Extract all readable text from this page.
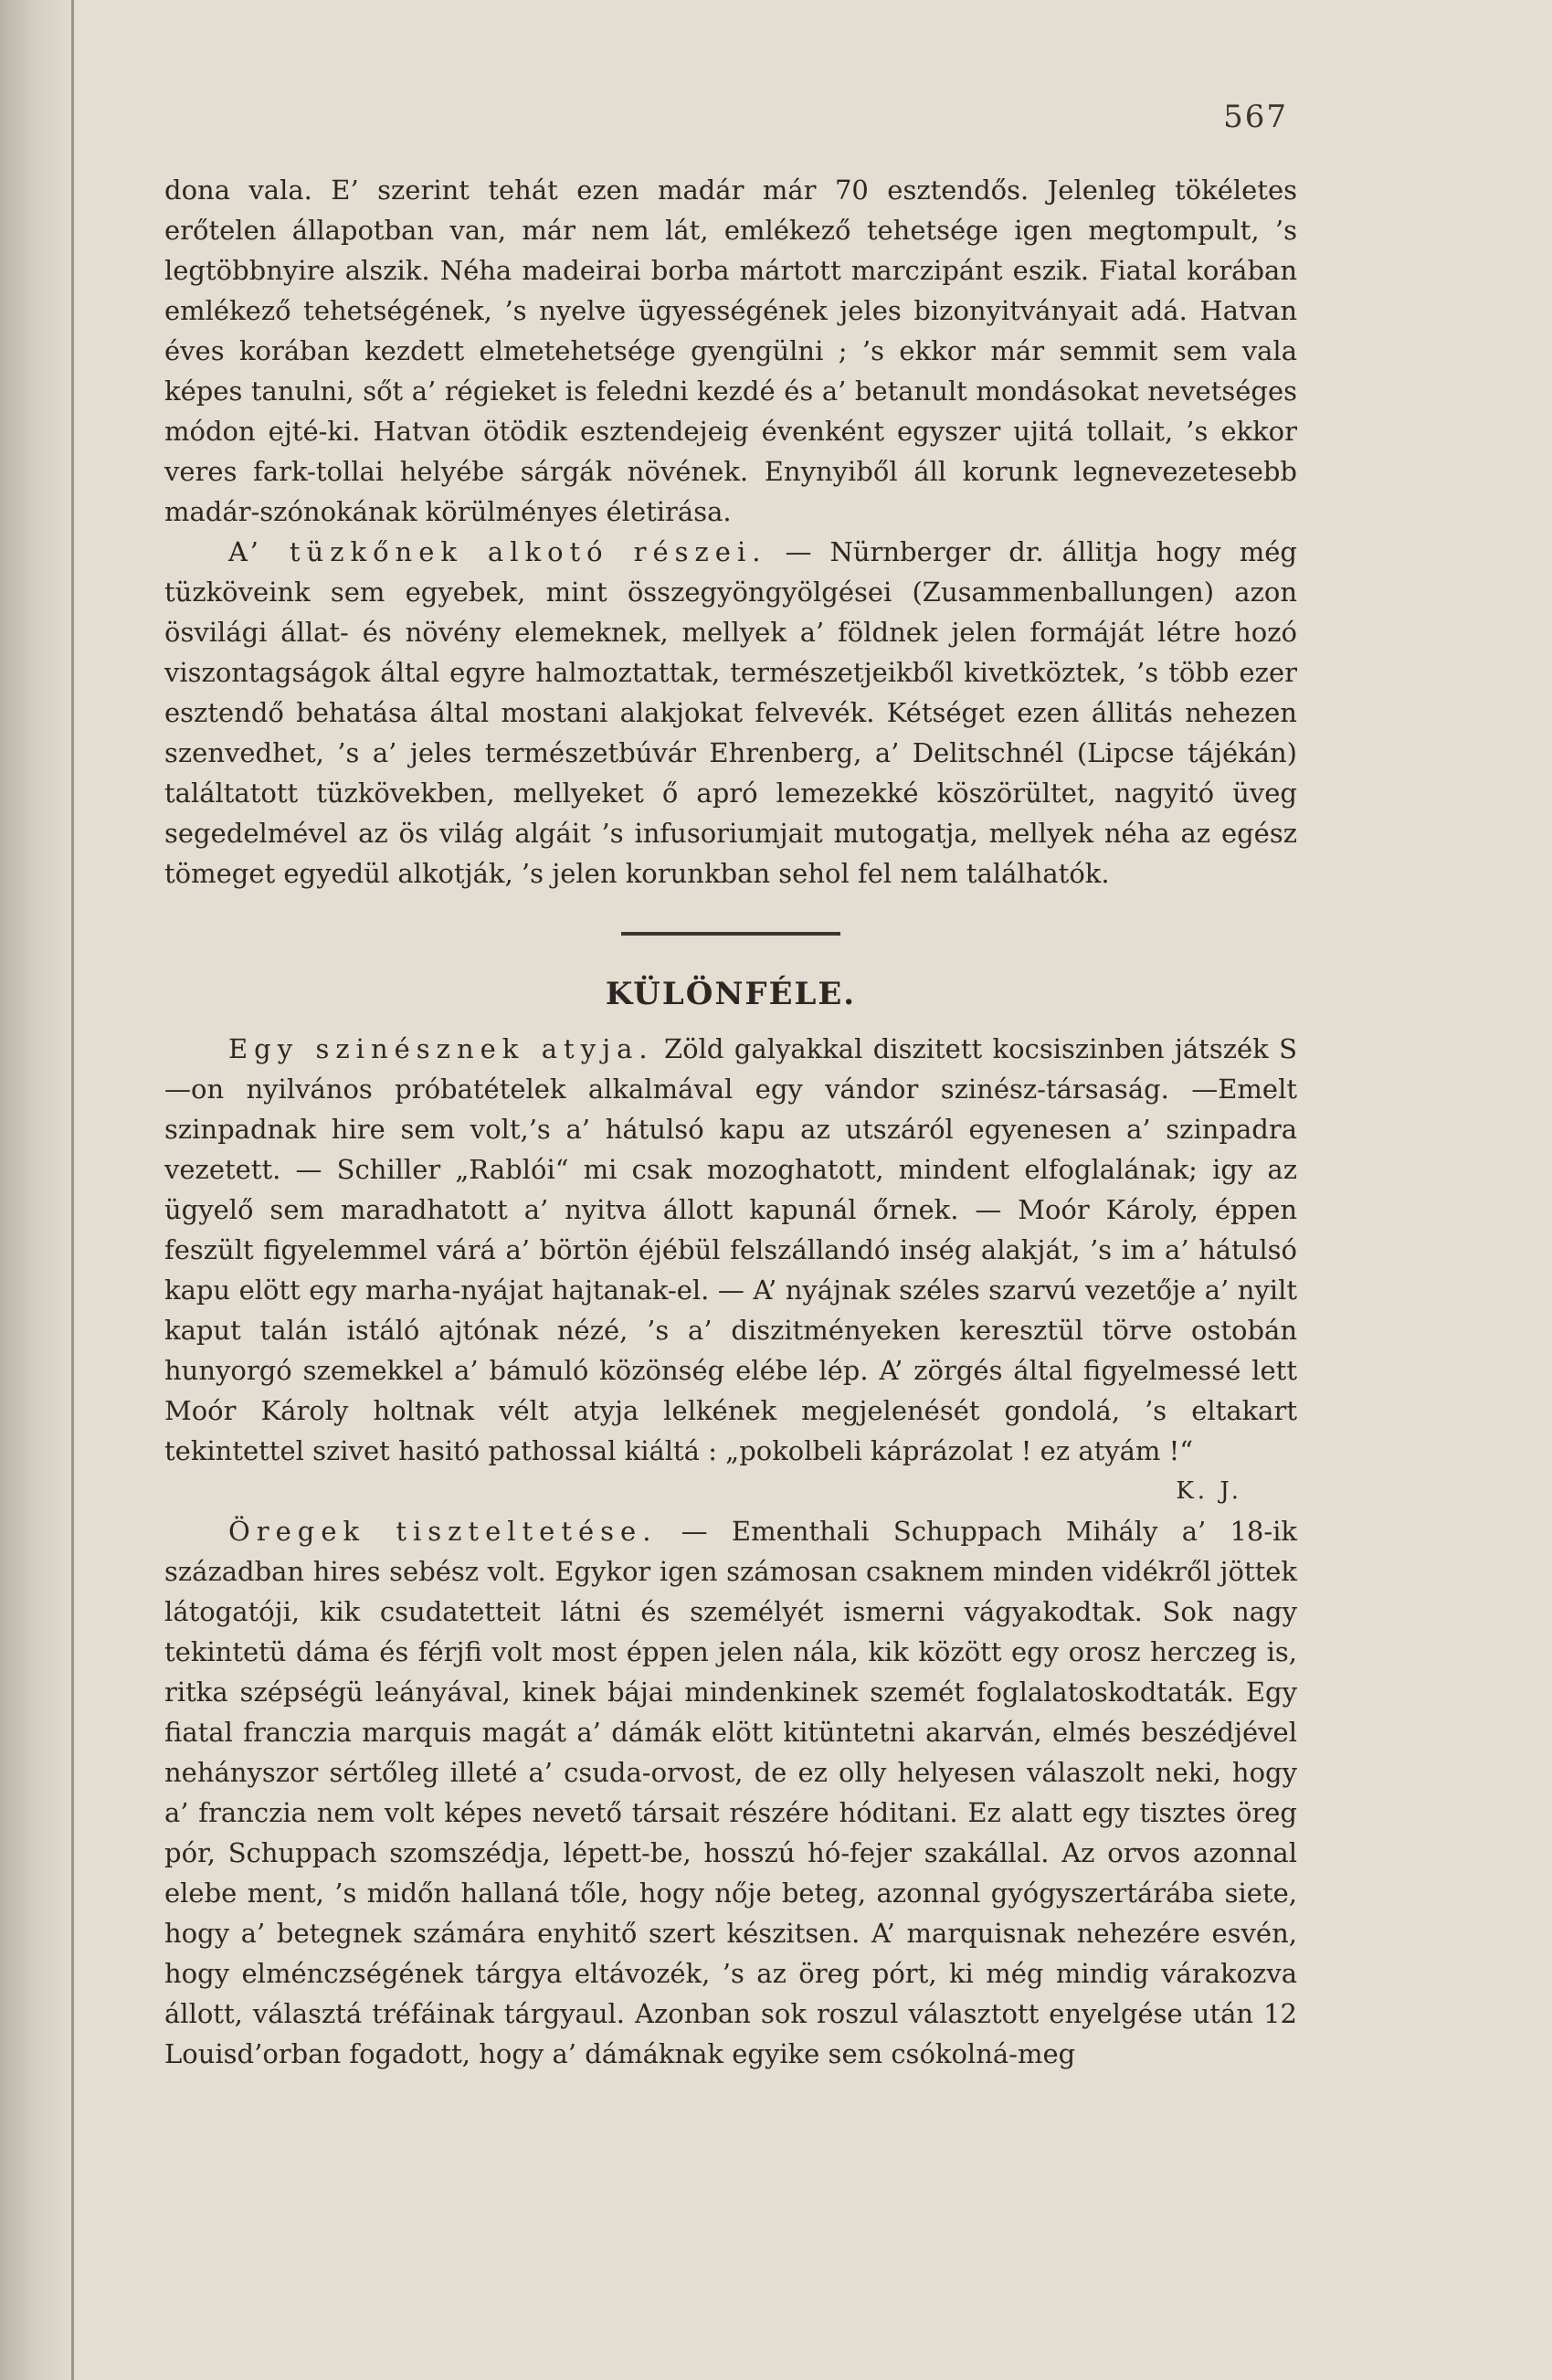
567

dona vala. E’ szerint tehát ezen madár már 70 esztendős. Jelenleg tökéletes erőtelen állapotban van, már nem lát, emlékező tehetsége igen megtompult, ’s legtöbbnyire alszik. Néha madeirai borba mártott marczipánt eszik. Fiatal korában emlékező tehetségének, ’s nyelve ügyességének jeles bizonyitványait adá. Hatvan éves korában kezdett elmetehetsége gyengülni ; ’s ekkor már semmit sem vala képes tanulni, sőt a’ régieket is feledni kezdé és a’ betanult mondásokat nevetséges módon ejté-ki. Hatvan ötödik esztendejeig évenként egyszer ujitá tollait, ’s ekkor veres fark-tollai helyébe sárgák növének. Enynyiből áll korunk legnevezetesebb madár-szónokának körülményes életirása.

A’ tüzkőnek alkotó részei. — Nürnberger dr. állitja hogy még tüzköveink sem egyebek, mint összegyöngyölgései (Zusammenballungen) azon ösvilági állat- és növény elemeknek, mellyek a’ földnek jelen formáját létre hozó viszontagságok által egyre halmoztattak, természetjeikből kivetköztek, ’s több ezer esztendő behatása által mostani alakjokat felvevék. Kétséget ezen állitás nehezen szenvedhet, ’s a’ jeles természetbúvár Ehrenberg, a’ Delitschnél (Lipcse tájékán) találtatott tüzkövekben, mellyeket ő apró lemezekké köszörültet, nagyitó üveg segedelmével az ös világ algáit ’s infusoriumjait mutogatja, mellyek néha az egész tömeget egyedül alkotják, ’s jelen korunkban sehol fel nem találhatók.

KÜLÖNFÉLE.

Egy szinésznek atyja. Zöld galyakkal diszitett kocsiszinben játszék S—on nyilvános próbatételek alkalmával egy vándor szinész-társaság. —Emelt szinpadnak hire sem volt,’s a’ hátulsó kapu az utszáról egyenesen a’ szinpadra vezetett. — Schiller „Rablói“ mi csak mozoghatott, mindent elfoglalának; igy az ügyelő sem maradhatott a’ nyitva állott kapunál őrnek. — Moór Károly, éppen feszült figyelemmel várá a’ börtön éjébül felszállandó inség alakját, ’s im a’ hátulsó kapu elött egy marha-nyájat hajtanak-el. — A’ nyájnak széles szarvú vezetője a’ nyilt kaput talán istáló ajtónak nézé, ’s a’ diszitményeken keresztül törve ostobán hunyorgó szemekkel a’ bámuló közönség elébe lép. A’ zörgés által figyelmessé lett Moór Károly holtnak vélt atyja lelkének megjelenését gondolá, ’s eltakart tekintettel szivet hasitó pathossal kiáltá : „pokolbeli káprázolat ! ez atyám !“
K. J.

Öregek tiszteltetése. — Ementhali Schuppach Mihály a’ 18-ik században hires sebész volt. Egykor igen számosan csaknem minden vidékről jöttek látogatóji, kik csudatetteit látni és személyét ismerni vágyakodtak. Sok nagy tekintetü dáma és férjfi volt most éppen jelen nála, kik között egy orosz herczeg is, ritka szépségü leányával, kinek bájai mindenkinek szemét foglalatoskodtaták. Egy fiatal franczia marquis magát a’ dámák elött kitüntetni akarván, elmés beszédjével nehányszor sértőleg illeté a’ csuda-orvost, de ez olly helyesen válaszolt neki, hogy a’ franczia nem volt képes nevető társait részére hóditani. Ez alatt egy tisztes öreg pór, Schuppach szomszédja, lépett-be, hosszú hó-fejer szakállal. Az orvos azonnal elebe ment, ’s midőn hallaná tőle, hogy nője beteg, azonnal gyógyszertárába siete, hogy a’ betegnek számára enyhitő szert készitsen. A’ marquisnak nehezére esvén, hogy elménczségének tárgya eltávozék, ’s az öreg pórt, ki még mindig várakozva állott, választá tréfáinak tárgyaul. Azonban sok roszul választott enyelgése után 12 Louisd’orban fogadott, hogy a’ dámáknak egyike sem csókolná-meg
